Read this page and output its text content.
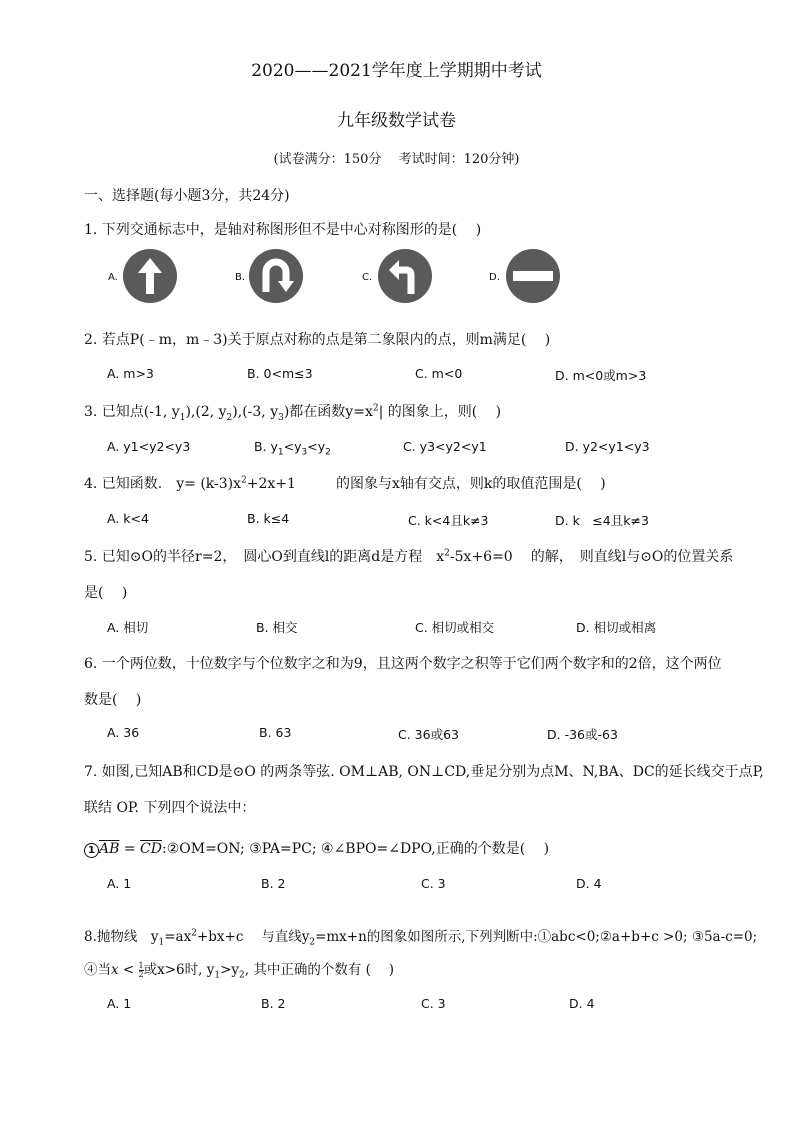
2020——2021学年度上学期期中考试
九年级数学试卷
(试卷满分：150分　 考试时间：120分钟)
一、选择题(每小题3分，共24分)
1. 下列交通标志中，是轴对称图形但不是中心对称图形的是(　 )
A.	B.	C.	D.
2. 若点P(﹣m，m﹣3)关于原点对称的点是第二象限内的点，则m满足(　 )
A. m>3	B. 0<m≤3	C. m<0	D. m<0或m>3
3. 已知点(-1, $y_1),(2$, $y_2),(-3$, $y_3$)都在函数$y=x^2|$ 的图象上，则(　 )
A. y1<y2<y3	B. $y_1<y_3<y_2$	C. y3<y2<y1	D. y2<y1<y3
4. 已知函数.　$y= (k-3)x^2+2x+1$	的图象与x轴有交点，则k的取值范围是(　 )
A. k<4	B. k≤4	C. k<4且k≠3	D. k　≤4且k≠3
5. 已知⊙O的半径r=2，　圆心O到直线l的距离d是方程　$x^2-5x+6=0$ 的解，　则直线l与⊙O的位置关系
是(　 )
A. 相切	B. 相交	C. 相切或相交	D. 相切或相离
6. 一个两位数，十位数字与个位数字之和为9，且这两个数字之积等于它们两个数字和的2倍，这个两位
数是(　 )
A. 36	B. 63	C. 36或63	D. -36或-63
7. 如图,已知AB和CD是⊙O 的两条等弦. OM⊥AB, ON⊥CD,垂足分别为点M、N,BA、DC的延长线交于点P,
联结 OP. 下列四个说法中：
1 $\overline{AB}$ = $\overline{CD}:②OM=ON$; ③PA=PC; ④∠BPO=∠DPO,正确的个数是(　 )
A. 1	B. 2	C. 3	D. 4
8.抛物线　$y_1=ax^2+bx+c$　 与直线$y_2=mx+n$的图象如图所示,下列判断中:①abc<0;②a+b+c >0; ③5a-c=0;
④当$x < \frac{1}{2}$ 或x>6时, $y_1>y_2$, 其中正确的个数有 (　 )
A. 1	B. 2	C. 3	D. 4
